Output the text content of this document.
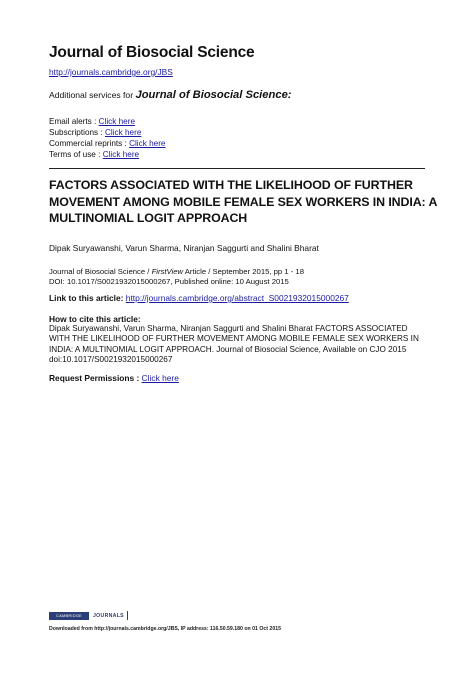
Journal of Biosocial Science
http://journals.cambridge.org/JBS
Additional services for Journal of Biosocial Science:
Email alerts : Click here
Subscriptions : Click here
Commercial reprints : Click here
Terms of use : Click here
FACTORS ASSOCIATED WITH THE LIKELIHOOD OF FURTHER MOVEMENT AMONG MOBILE FEMALE SEX WORKERS IN INDIA: A MULTINOMIAL LOGIT APPROACH
Dipak Suryawanshi, Varun Sharma, Niranjan Saggurti and Shalini Bharat
Journal of Biosocial Science / FirstView Article / September 2015, pp 1 - 18
DOI: 10.1017/S0021932015000267, Published online: 10 August 2015
Link to this article: http://journals.cambridge.org/abstract_S0021932015000267
How to cite this article:
Dipak Suryawanshi, Varun Sharma, Niranjan Saggurti and Shalini Bharat FACTORS ASSOCIATED WITH THE LIKELIHOOD OF FURTHER MOVEMENT AMONG MOBILE FEMALE SEX WORKERS IN INDIA: A MULTINOMIAL LOGIT APPROACH. Journal of Biosocial Science, Available on CJO 2015 doi:10.1017/S0021932015000267
Request Permissions : Click here
CAMBRIDGE	JOURNALS
Downloaded from http://journals.cambridge.org/JBS, IP address: 116.50.59.180 on 01 Oct 2015
